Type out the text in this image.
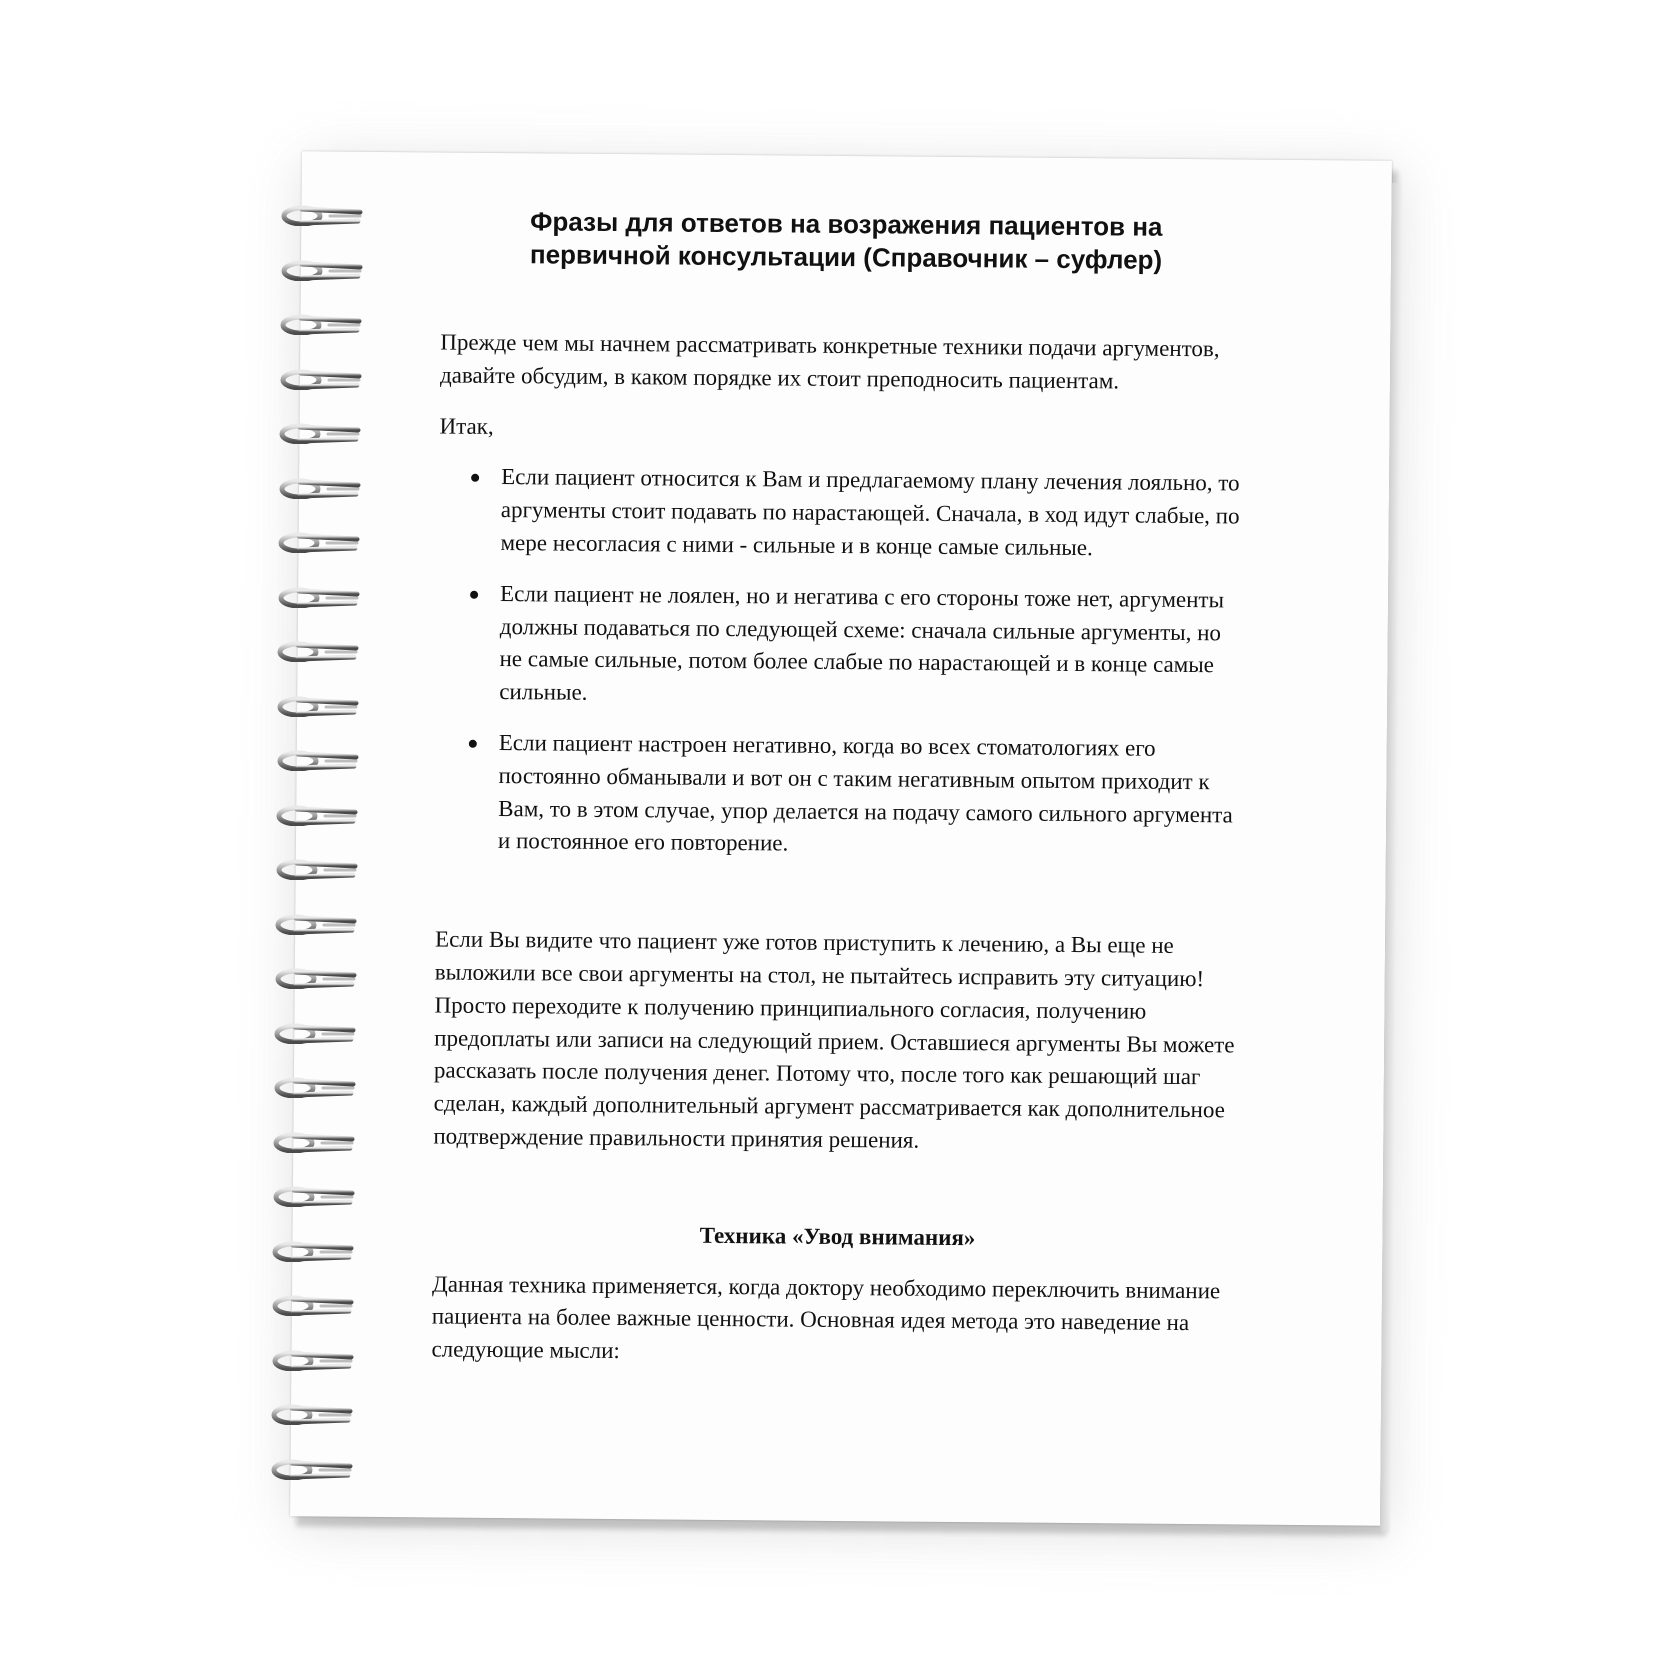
Фразы для ответов на возражения пациентов на
первичной консультации (Справочник – суфлер)

Прежде чем мы начнем рассматривать конкретные техники подачи аргументов, давайте обсудим, в каком порядке их стоит преподносить пациентам.

Итак,

Если пациент относится к Вам и предлагаемому плану лечения лояльно, то аргументы стоит подавать по нарастающей. Сначала, в ход идут слабые, по мере несогласия с ними - сильные и в конце самые сильные.
Если пациент не лоялен, но и негатива с его стороны тоже нет, аргументы должны подаваться по следующей схеме: сначала сильные аргументы, но не самые сильные, потом более слабые по нарастающей и в конце самые сильные.
Если пациент настроен негативно, когда во всех стоматологиях его постоянно обманывали и вот он с таким негативным опытом приходит к Вам, то в этом случае, упор делается на подачу самого сильного аргумента и постоянное его повторение.

Если Вы видите что пациент уже готов приступить к лечению, а Вы еще не выложили все свои аргументы на стол, не пытайтесь исправить эту ситуацию! Просто переходите к получению принципиального согласия, получению предоплаты или записи на следующий прием. Оставшиеся аргументы Вы можете рассказать после получения денег. Потому что, после того как решающий шаг сделан, каждый дополнительный аргумент рассматривается как дополнительное подтверждение правильности принятия решения.

Техника «Увод внимания»

Данная техника применяется, когда доктору необходимо переключить внимание пациента на более важные ценности. Основная идея метода это наведение на следующие мысли:
